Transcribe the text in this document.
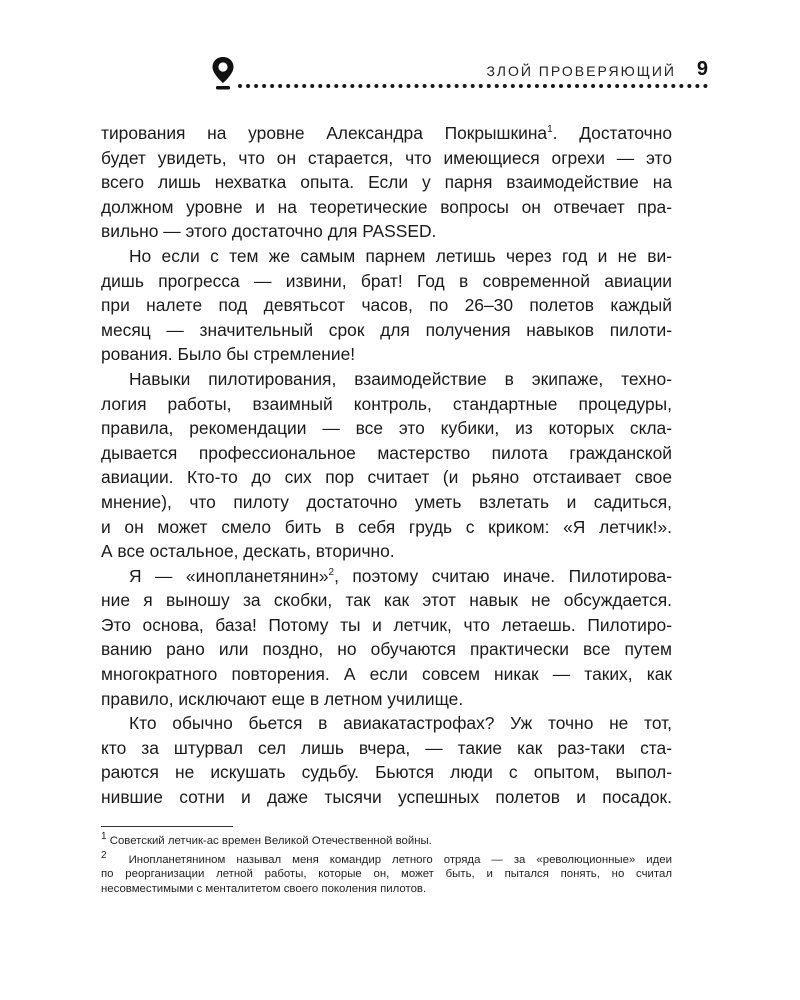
ЗЛОЙ ПРОВЕРЯЮЩИЙ 9

тирования на уровне Александра Покрышкина$^1$. Достаточно
будет увидеть, что он старается, что имеющиеся огрехи — это
всего лишь нехватка опыта. Если у парня взаимодействие на
должном уровне и на теоретические вопросы он отвечает пра-
вильно — этого достаточно для PASSED.

Но если с тем же самым парнем летишь через год и не ви-
дишь прогресса — извини, брат! Год в современной авиации
при налете под девятьсот часов, по 26–30 полетов каждый
месяц — значительный срок для получения навыков пилоти-
рования. Было бы стремление!

Навыки пилотирования, взаимодействие в экипаже, техно-
логия работы, взаимный контроль, стандартные процедуры,
правила, рекомендации — все это кубики, из которых скла-
дывается профессиональное мастерство пилота гражданской
авиации. Кто-то до сих пор считает (и рьяно отстаивает свое
мнение), что пилоту достаточно уметь взлетать и садиться,
и он может смело бить в себя грудь с криком: «Я летчик!».
А все остальное, дескать, вторично.

Я — «инопланетянин»$^2$, поэтому считаю иначе. Пилотирова-
ние я выношу за скобки, так как этот навык не обсуждается.
Это основа, база! Потому ты и летчик, что летаешь. Пилотиро-
ванию рано или поздно, но обучаются практически все путем
многократного повторения. А если совсем никак — таких, как
правило, исключают еще в летном училище.

Кто обычно бьется в авиакатастрофах? Уж точно не тот,
кто за штурвал сел лишь вчера, — такие как раз-таки ста-
раются не искушать судьбу. Бьются люди с опытом, выпол-
нившие сотни и даже тысячи успешных полетов и посадок.

$^1$ Советский летчик-ас времен Великой Отечественной войны.

$^2$ Инопланетянином называл меня командир летного отряда — за «революционные» идеи
по реорганизации летной работы, которые он, может быть, и пытался понять, но считал
несовместимыми с менталитетом своего поколения пилотов.
